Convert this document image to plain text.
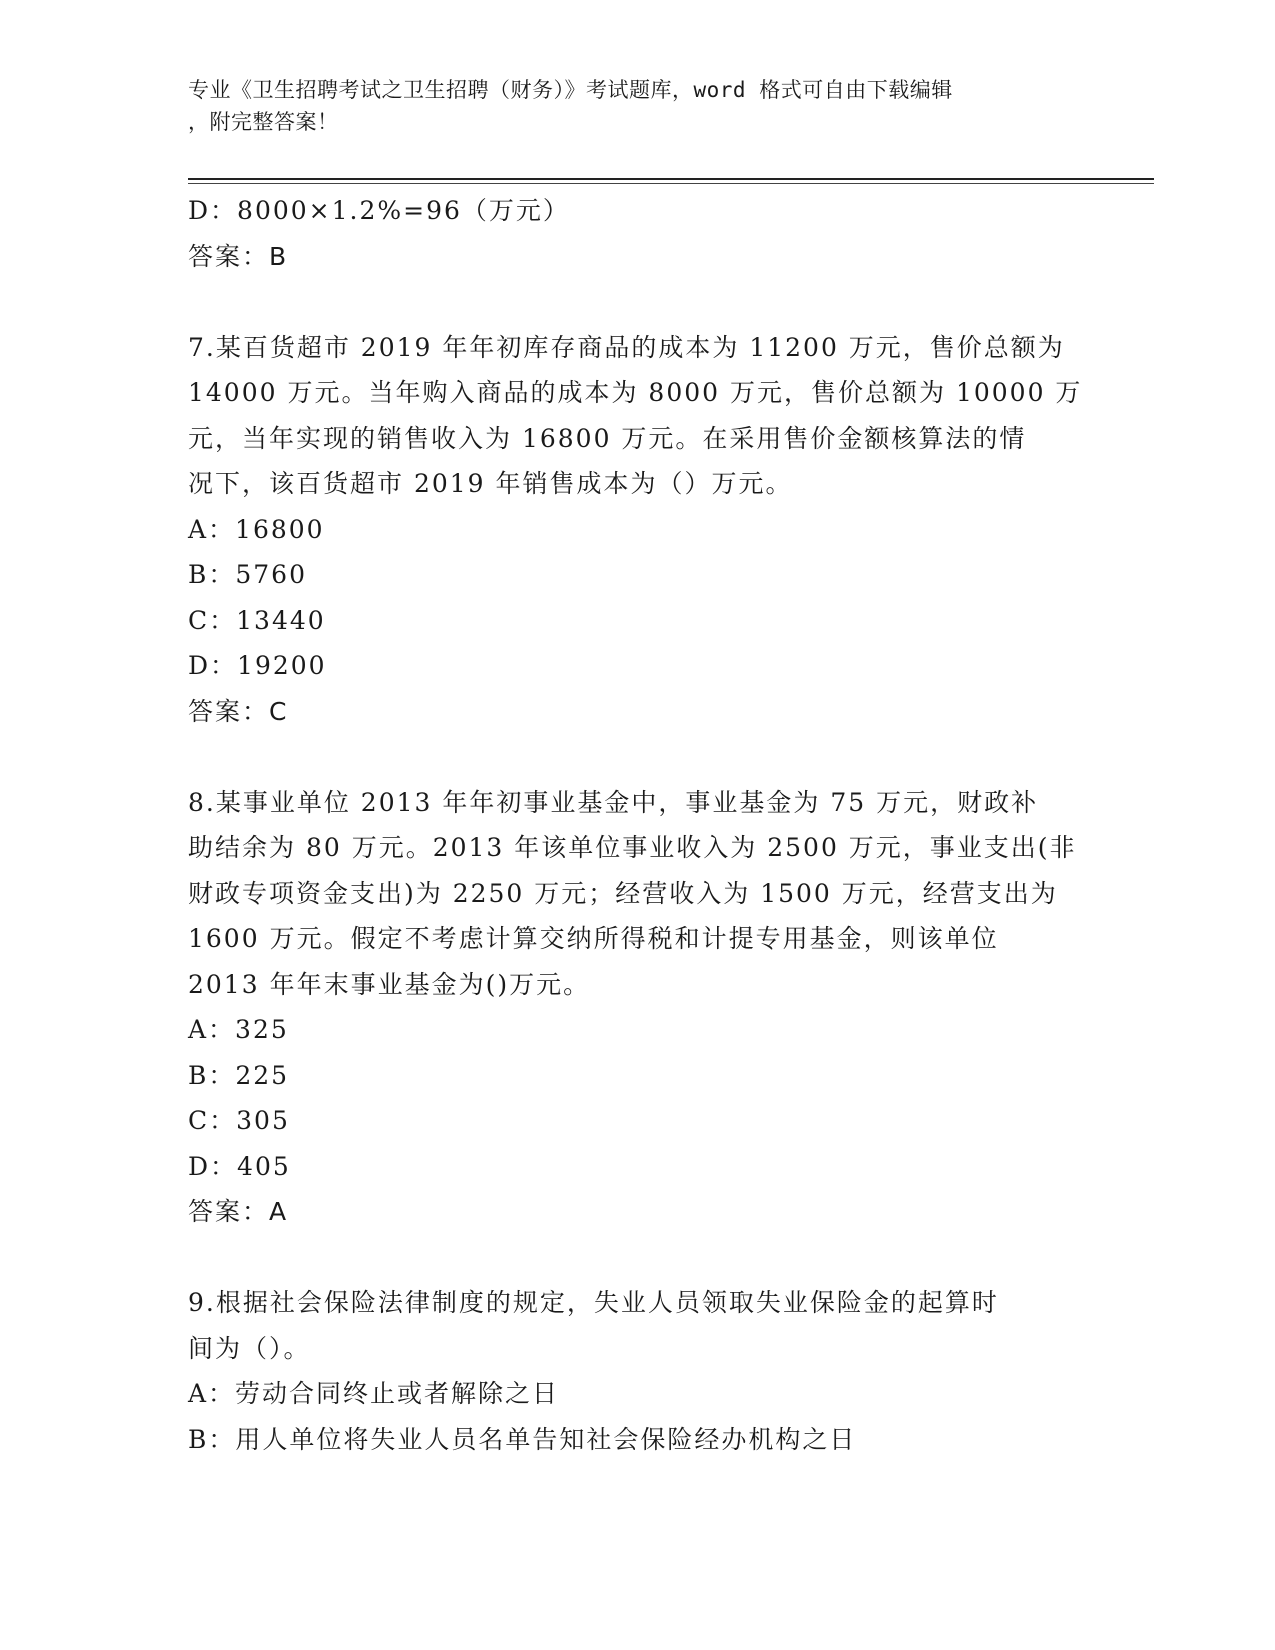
专业《卫生招聘考试之卫生招聘（财务）》考试题库，word 格式可自由下载编辑
，附完整答案！
D：8000×1.2%=96（万元）
答案：B
7.某百货超市 2019 年年初库存商品的成本为 11200 万元，售价总额为
14000 万元。当年购入商品的成本为 8000 万元，售价总额为 10000 万
元，当年实现的销售收入为 16800 万元。在采用售价金额核算法的情
况下，该百货超市 2019 年销售成本为（）万元。
A：16800
B：5760
C：13440
D：19200
答案：C
8.某事业单位 2013 年年初事业基金中，事业基金为 75 万元，财政补
助结余为 80 万元。2013 年该单位事业收入为 2500 万元，事业支出(非
财政专项资金支出)为 2250 万元；经营收入为 1500 万元，经营支出为
1600 万元。假定不考虑计算交纳所得税和计提专用基金，则该单位
2013 年年末事业基金为()万元。
A：325
B：225
C：305
D：405
答案：A
9.根据社会保险法律制度的规定，失业人员领取失业保险金的起算时
间为（）。
A：劳动合同终止或者解除之日
B：用人单位将失业人员名单告知社会保险经办机构之日
